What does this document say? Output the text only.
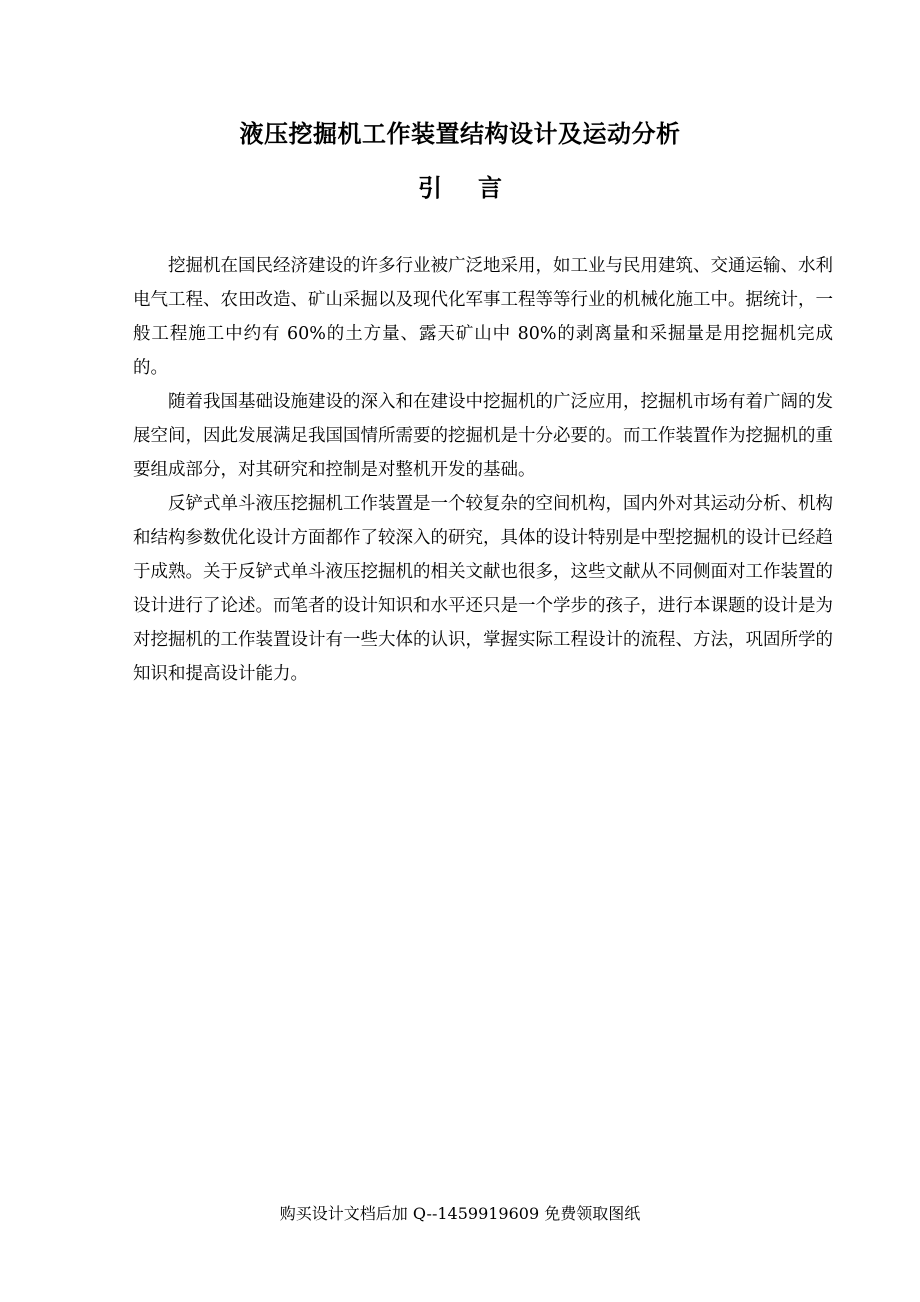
液压挖掘机工作装置结构设计及运动分析
引 言

挖掘机在国民经济建设的许多行业被广泛地采用，如工业与民用建筑、交通运输、水利电气工程、农田改造、矿山采掘以及现代化军事工程等等行业的机械化施工中。据统计，一般工程施工中约有 60%的土方量、露天矿山中 80%的剥离量和采掘量是用挖掘机完成的。

随着我国基础设施建设的深入和在建设中挖掘机的广泛应用，挖掘机市场有着广阔的发展空间，因此发展满足我国国情所需要的挖掘机是十分必要的。而工作装置作为挖掘机的重要组成部分，对其研究和控制是对整机开发的基础。

反铲式单斗液压挖掘机工作装置是一个较复杂的空间机构，国内外对其运动分析、机构和结构参数优化设计方面都作了较深入的研究，具体的设计特别是中型挖掘机的设计已经趋于成熟。关于反铲式单斗液压挖掘机的相关文献也很多，这些文献从不同侧面对工作装置的设计进行了论述。而笔者的设计知识和水平还只是一个学步的孩子，进行本课题的设计是为对挖掘机的工作装置设计有一些大体的认识，掌握实际工程设计的流程、方法，巩固所学的知识和提高设计能力。

购买设计文档后加 Q--1459919609 免费领取图纸
